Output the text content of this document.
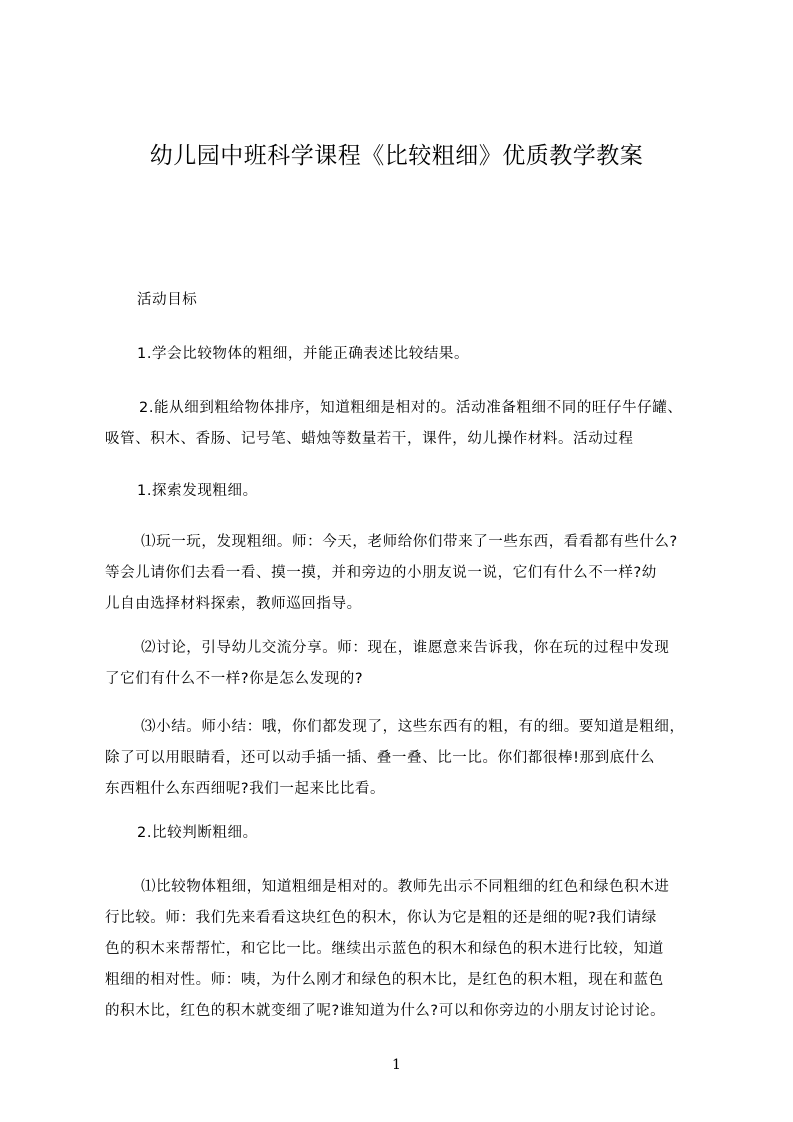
幼儿园中班科学课程《比较粗细》优质教学教案
活动目标
1.学会比较物体的粗细，并能正确表述比较结果。
2.能从细到粗给物体排序，知道粗细是相对的。活动准备粗细不同的旺仔牛仔罐、
吸管、积木、香肠、记号笔、蜡烛等数量若干，课件，幼儿操作材料。活动过程
1.探索发现粗细。
⑴玩一玩，发现粗细。师：今天，老师给你们带来了一些东西，看看都有些什么?
等会儿请你们去看一看、摸一摸，并和旁边的小朋友说一说，它们有什么不一样?幼
儿自由选择材料探索，教师巡回指导。
⑵讨论，引导幼儿交流分享。师：现在，谁愿意来告诉我，你在玩的过程中发现
了它们有什么不一样?你是怎么发现的?
⑶小结。师小结：哦，你们都发现了，这些东西有的粗，有的细。要知道是粗细，
除了可以用眼睛看，还可以动手插一插、叠一叠、比一比。你们都很棒!那到底什么
东西粗什么东西细呢?我们一起来比比看。
2.比较判断粗细。
⑴比较物体粗细，知道粗细是相对的。教师先出示不同粗细的红色和绿色积木进
行比较。师：我们先来看看这块红色的积木，你认为它是粗的还是细的呢?我们请绿
色的积木来帮帮忙，和它比一比。继续出示蓝色的积木和绿色的积木进行比较，知道
粗细的相对性。师：咦，为什么刚才和绿色的积木比，是红色的积木粗，现在和蓝色
的积木比，红色的积木就变细了呢?谁知道为什么?可以和你旁边的小朋友讨论讨论。
1
